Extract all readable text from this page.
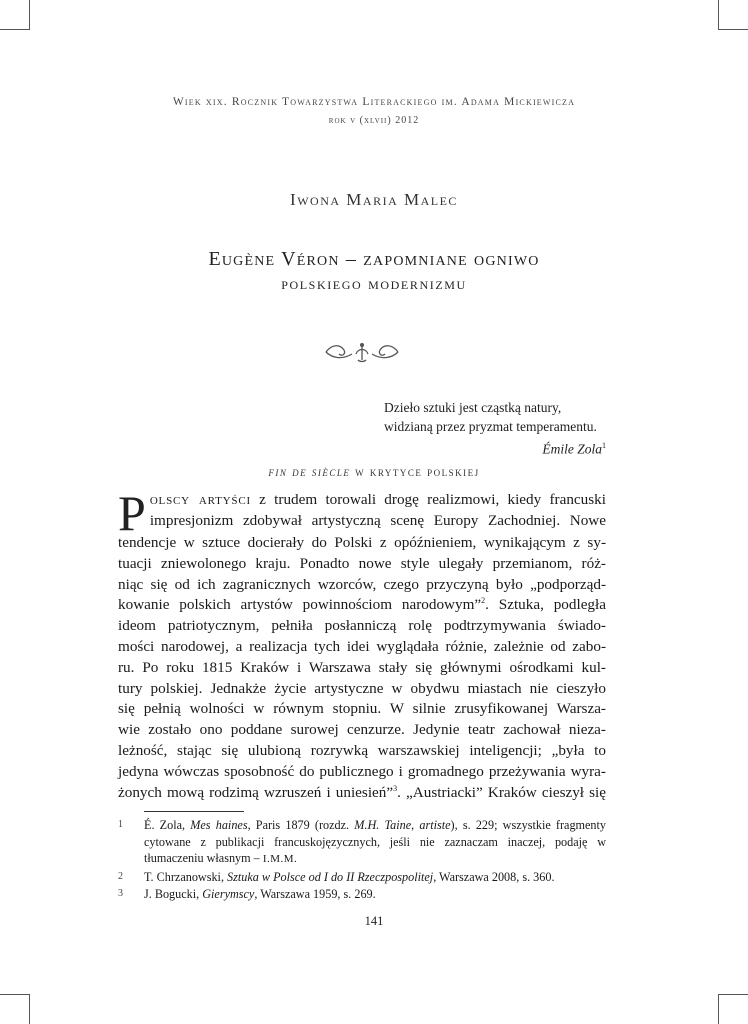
Wiek xix. Rocznik Towarzystwa Literackiego im. Adama Mickiewicza
rok v (xlvii) 2012
Iwona Maria Malec
Eugène Véron – zapomniane ogniwo
polskiego modernizmu
Dzieło sztuki jest cząstką natury,
widzianą przez pryzmat temperamentu.
Émile Zola$^1$
fin de siècle w krytyce polskiej
P olscy artyści z trudem torowali drogę realizmowi, kiedy francuski
impresjonizm zdobywał artystyczną scenę Europy Zachodniej. Nowe
tendencje w sztuce docierały do Polski z opóźnieniem, wynikającym z sy-
tuacji zniewolonego kraju. Ponadto nowe style ulegały przemianom, róż-
niąc się od ich zagranicznych wzorców, czego przyczyną było „podporząd-
kowanie polskich artystów powinnościom narodowym”$^2$. Sztuka, podległa
ideom patriotycznym, pełniła posłanniczą rolę podtrzymywania świado-
mości narodowej, a realizacja tych idei wyglądała różnie, zależnie od zabo-
ru. Po roku 1815 Kraków i Warszawa stały się głównymi ośrodkami kul-
tury polskiej. Jednakże życie artystyczne w obydwu miastach nie cieszyło
się pełnią wolności w równym stopniu. W silnie zrusyfikowanej Warsza-
wie zostało ono poddane surowej cenzurze. Jedynie teatr zachował nieza-
leżność, stając się ulubioną rozrywką warszawskiej inteligencji; „była to
jedyna wówczas sposobność do publicznego i gromadnego przeżywania wyra-
żonych mową rodzimą wzruszeń i uniesień”$^3$. „Austriacki” Kraków cieszył się
1 É. Zola, Mes haines, Paris 1879 (rozdz. M.H. Taine, artiste), s. 229; wszystkie fragmenty cytowane z publikacji francuskojęzycznych, jeśli nie zaznaczam inaczej, podaję w tłumaczeniu własnym – I.M.M.
2 T. Chrzanowski, Sztuka w Polsce od I do II Rzeczpospolitej, Warszawa 2008, s. 360.
3 J. Bogucki, Gierymscy, Warszawa 1959, s. 269.
141
